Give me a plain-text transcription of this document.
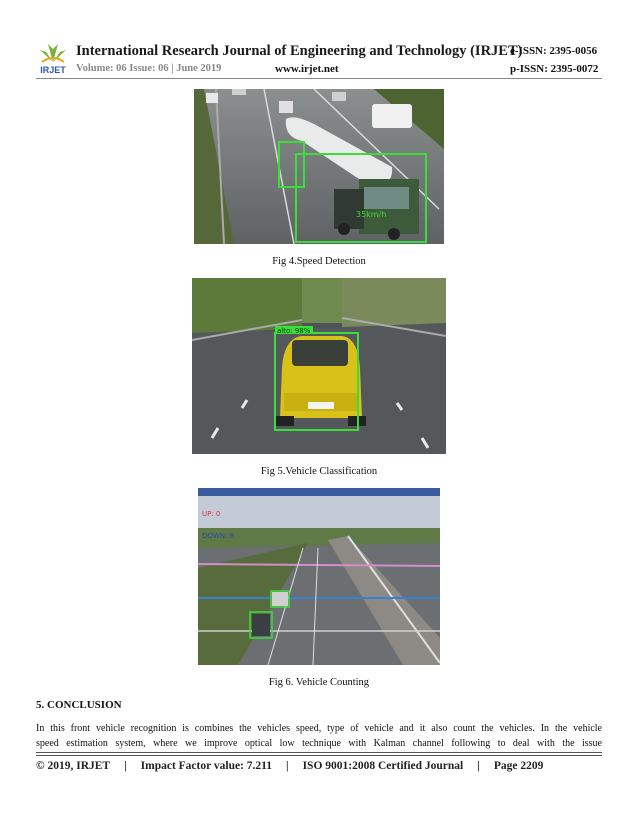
IRJET
International Research Journal of Engineering and Technology (IRJET)
e-ISSN: 2395-0056
Volume: 06 Issue: 06 | June 2019	www.irjet.net	p-ISSN: 2395-0072
35km/h
Fig 4.Speed Detection
alto: 98%
Fig 5.Vehicle Classification
UP: 0
DOWN: 8
Fig 6. Vehicle Counting
5. CONCLUSION
In this front vehicle recognition is combines the vehicles speed, type of vehicle and it also count the vehicles. In the vehicle
speed estimation system, where we improve optical low technique with Kalman channel following to deal with the issue
© 2019, IRJET | Impact Factor value: 7.211 | ISO 9001:2008 Certified Journal | Page 2209
